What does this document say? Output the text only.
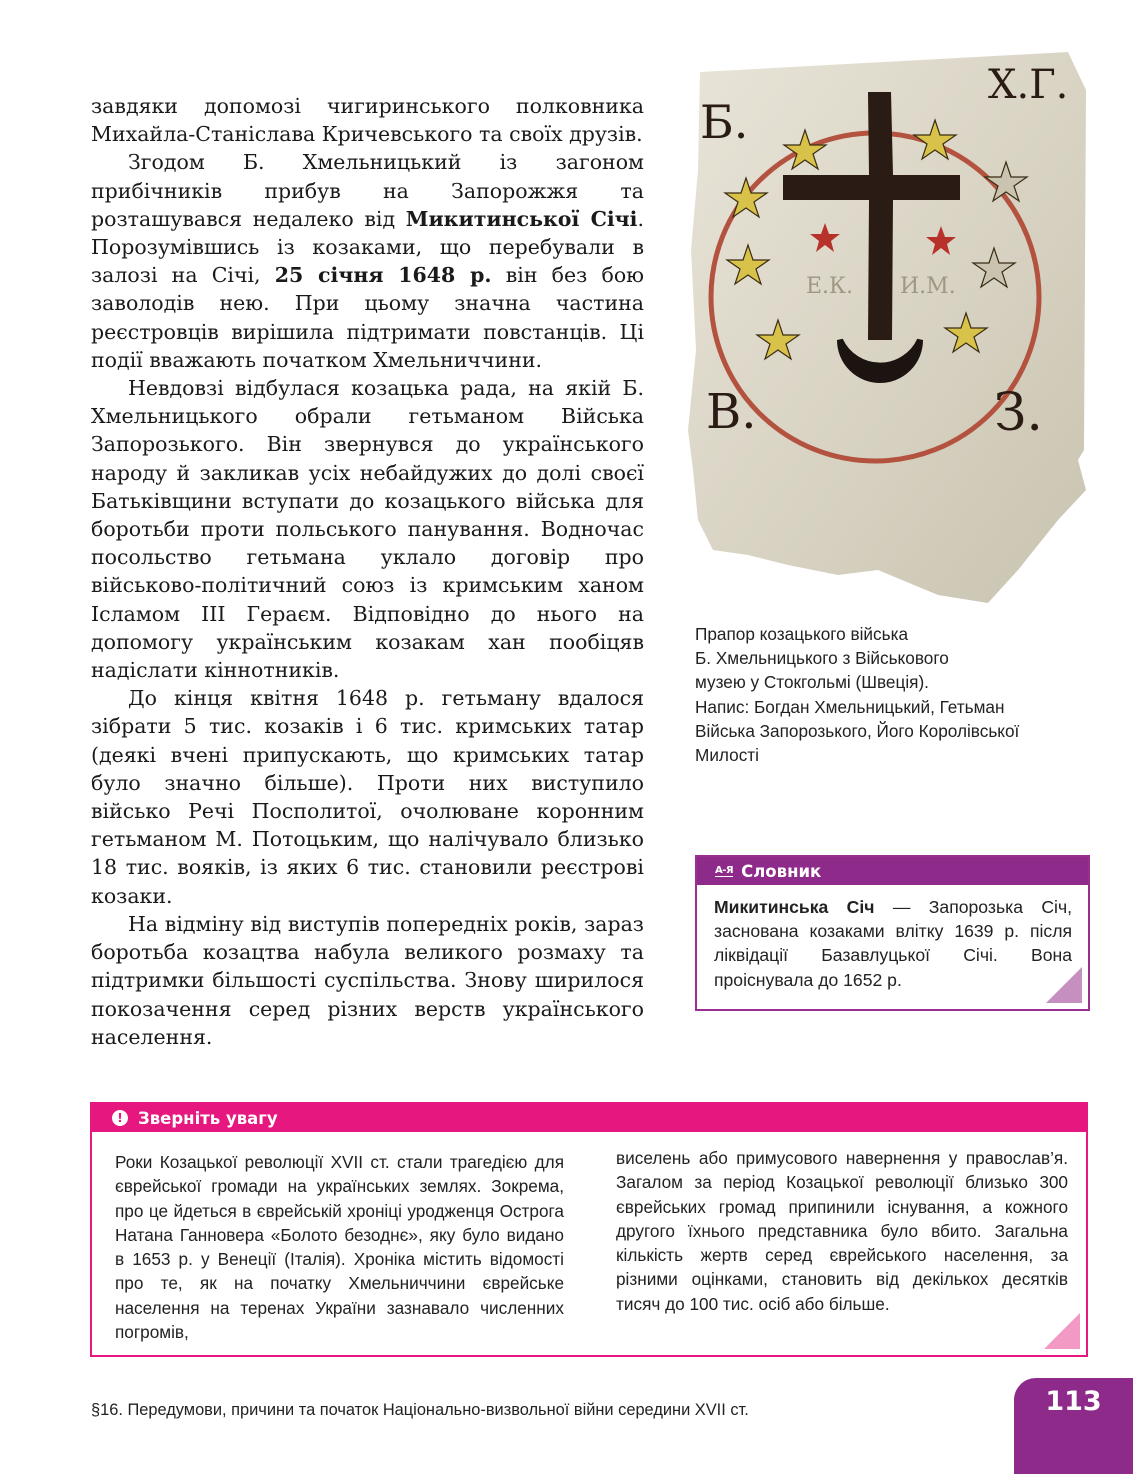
завдяки допомозі чигиринського полковника Михайла-Станіслава Кричевського та своїх друзів.

Згодом Б. Хмельницький із загоном прибічників прибув на Запорожжя та розташувався недалеко від Микитинської Січі. Порозумівшись із козаками, що перебували в залозі на Січі, 25 січня 1648 р. він без бою заволодів нею. При цьому значна частина реєстровців вирішила підтримати повстанців. Ці події вважають початком Хмельниччини.

Невдовзі відбулася козацька рада, на якій Б. Хмельницького обрали гетьманом Війська Запорозького. Він звернувся до українського народу й закликав усіх небайдужих до долі своєї Батьківщини вступати до козацького війська для боротьби проти польського панування. Водночас посольство гетьмана уклало договір про військово-політичний союз із кримським ханом Ісламом ІІІ Гераєм. Відповідно до нього на допомогу українським козакам хан пообіцяв надіслати кіннотників.

До кінця квітня 1648 р. гетьману вдалося зібрати 5 тис. козаків і 6 тис. кримських татар (деякі вчені припускають, що кримських татар було значно більше). Проти них виступило військо Речі Посполитої, очолюване коронним гетьманом М. Потоцьким, що налічувало близько 18 тис. вояків, із яких 6 тис. становили реєстрові козаки.

На відміну від виступів попередніх років, зараз боротьба козацтва набула великого розмаху та підтримки більшості суспільства. Знову ширилося покозачення серед різних верств українського населення.

Б.
Х.Г.
В.	З.
Е.К. И.М.
Прапор козацького війська
Б. Хмельницького з Військового
музею у Стокгольмі (Швеція).
Напис: Богдан Хмельницький, Гетьман
Війська Запорозького, Його Королівської
Милості
А-Я Словник
Микитинська Січ — Запорозька Січ, заснована козаками влітку 1639 р. після ліквідації Базавлуцької Січі. Вона проіснувала до 1652 р.
! Зверніть увагу
Роки Козацької революції XVII ст. стали трагедією для єврейської громади на українських землях. Зокрема, про це йдеться в єврейській хроніці уродженця Острога Натана Ганновера «Болото безоднє», яку було видано в 1653 р. у Венеції (Італія). Хроніка містить відомості про те, як на початку Хмельниччини єврейське населення на теренах України зазнавало численних погромів,
виселень або примусового навернення у православ’я. Загалом за період Козацької революції близько 300 єврейських громад припинили існування, а кожного другого їхнього представника було вбито. Загальна кількість жертв серед єврейського населення, за різними оцінками, становить від декількох десятків тисяч до 100 тис. осіб або більше.
§16. Передумови, причини та початок Національно-визвольної війни середини XVII ст.	113
